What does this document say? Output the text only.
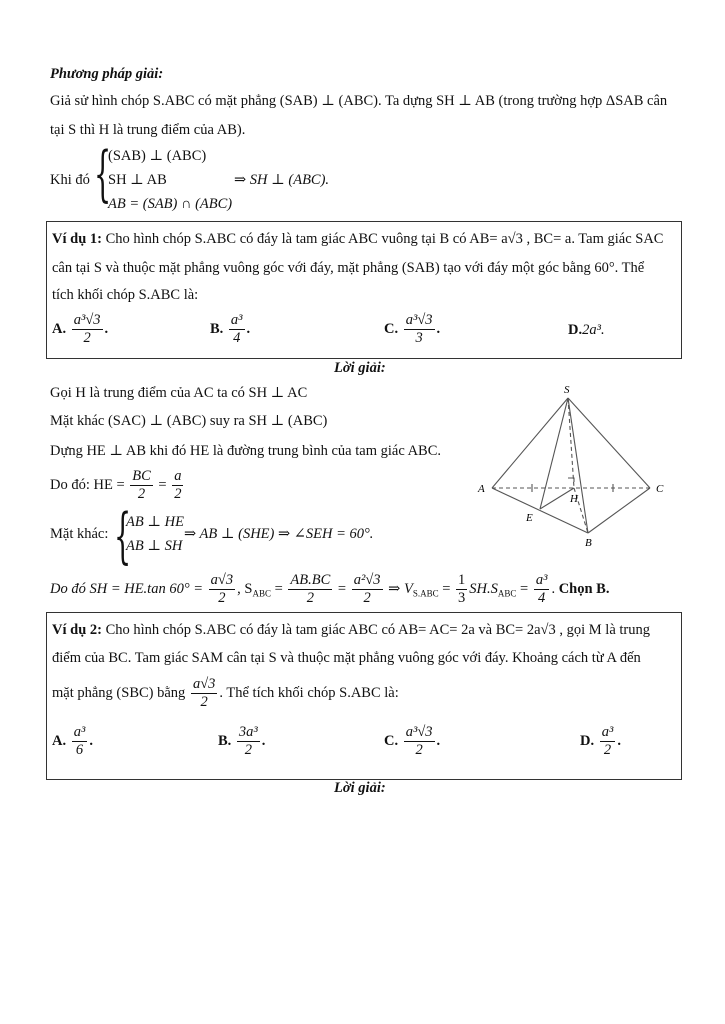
Phương pháp giải:
Giả sử hình chóp S.ABC có mặt phẳng (SAB) ⊥ (ABC). Ta dựng SH ⊥ AB (trong trường hợp ΔSAB cân
tại S thì H là trung điểm của AB).
Khi đó {
(SAB) ⊥ (ABC)
SH ⊥ AB
AB = (SAB) ∩ (ABC)
⇒ SH ⊥ (ABC).
Ví dụ 1: Cho hình chóp S.ABC có đáy là tam giác ABC vuông tại B có AB= a√3 , BC= a. Tam giác SAC
cân tại S và thuộc mặt phẳng vuông góc với đáy, mặt phẳng (SAB) tạo với đáy một góc bằng 60°. Thể
tích khối chóp S.ABC là:
A. $\frac{\text{a³√3}}{2}$ .	B. $\frac{\text{a³}}{4}$ .	C. $\frac{\text{a³√3}}{3}$ .	D.2a³.
Lời giải:
Gọi H là trung điểm của AC ta có SH ⊥ AC
Mặt khác (SAC) ⊥ (ABC) suy ra SH ⊥ (ABC)
Dựng HE ⊥ AB khi đó HE là đường trung bình của tam giác ABC.
Do đó: HE = $\frac{BC}{2} = \frac{a}{2}$
Mặt khác: {
AB ⊥ HE
AB ⊥ SH
⇒ AB ⊥ (SHE) ⇒ ∠SEH = 60°.
Do đó SH = HE.tan $60^\circ = \frac{a√3}{2}$ , $S_{ABC} = \frac{AB.BC}{2} = \frac{\text{a²√3}}{2}$ ⇒ $V_{S.ABC} = \frac{1}{3} SH.S_{ABC} = \frac{\text{a³}}{4}$ . Chọn B.
S
A	C
B
H
E
Ví dụ 2: Cho hình chóp S.ABC có đáy là tam giác ABC có AB= AC= 2a và BC= 2a√3 , gọi M là trung
điểm của BC. Tam giác SAM cân tại S và thuộc mặt phẳng vuông góc với đáy. Khoảng cách từ A đến
mặt phẳng (SBC) bằng $\frac{a√3}{2}$ . Thể tích khối chóp S.ABC là:
A. $\frac{\text{a³}}{6}$ .	B. $\frac{\text{3a³}}{2}$ .	C. $\frac{\text{a³√3}}{2}$ .	D. $\frac{\text{a³}}{2}$ .
Lời giải:
